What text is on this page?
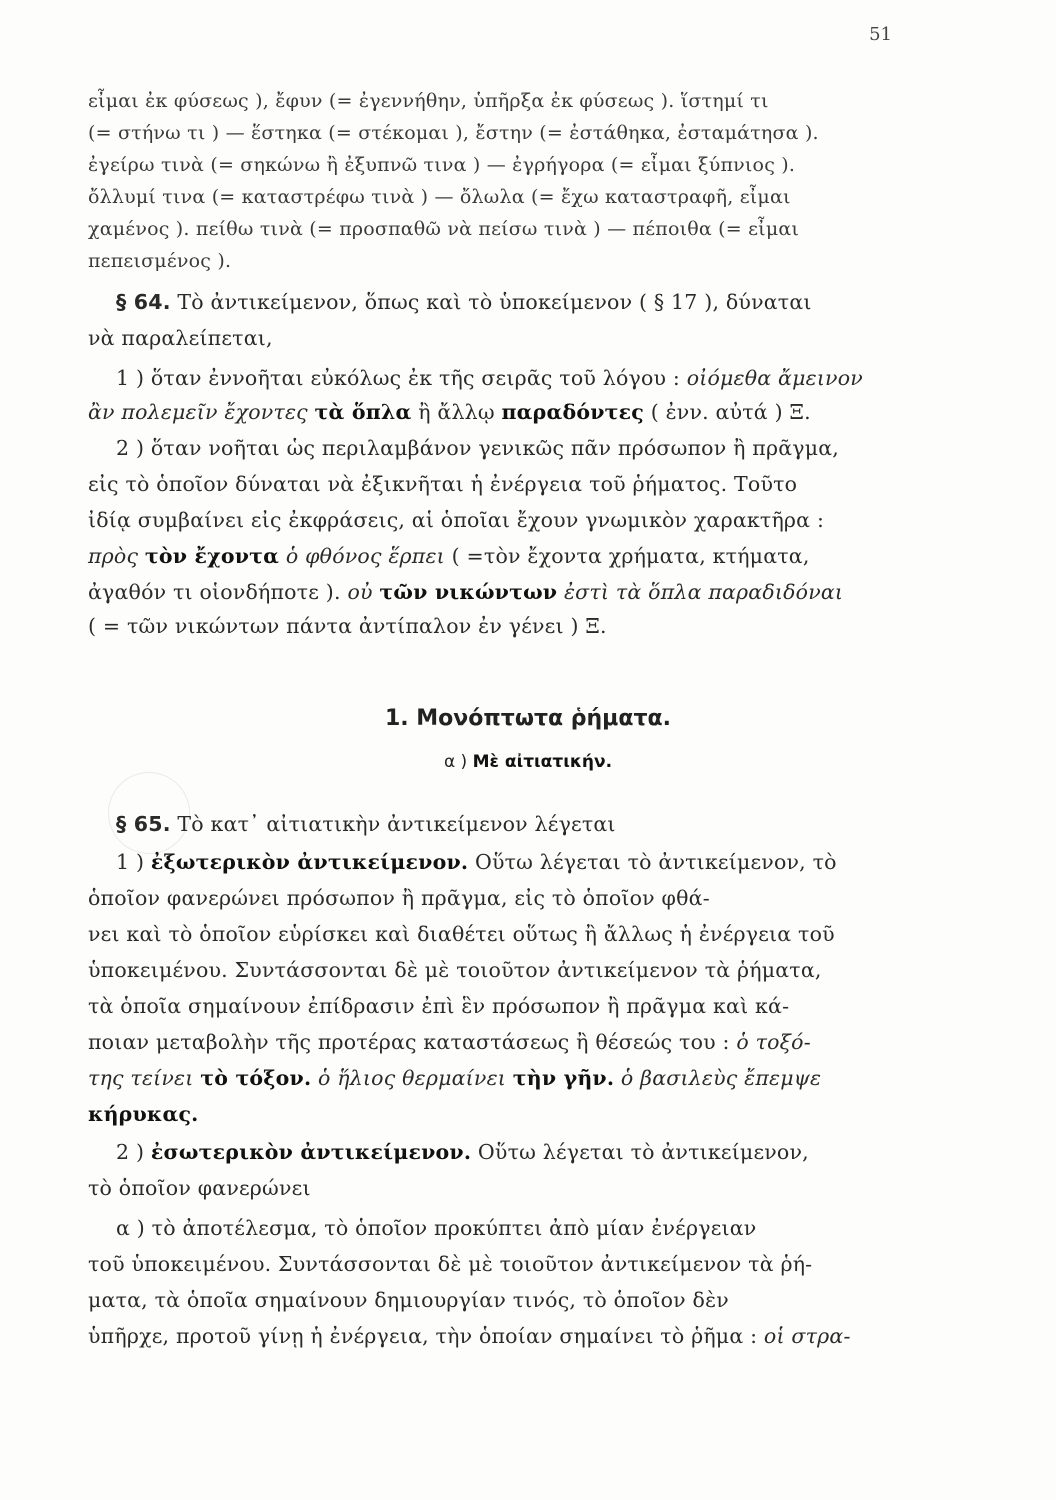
51
εἶμαι ἐκ φύσεως ), ἔφυν (= ἐγεννήθην, ὑπῆρξα ἐκ φύσεως ). ἵστημί τι
(= στήνω τι ) — ἕστηκα (= στέκομαι ), ἔστην (= ἐστάθηκα, ἐσταμάτησα ).
ἐγείρω τινὰ (= σηκώνω ἢ ἐξυπνῶ τινα ) — ἐγρήγορα (= εἶμαι ξύπνιος ).
ὄλλυμί τινα (= καταστρέφω τινὰ ) — ὄλωλα (= ἔχω καταστραφῆ, εἶμαι
χαμένος ). πείθω τινὰ (= προσπαθῶ νὰ πείσω τινὰ ) — πέποιθα (= εἶμαι
πεπεισμένος ).
§ 64. Τὸ ἀντικείμενον, ὅπως καὶ τὸ ὑποκείμενον ( § 17 ), δύναται
νὰ παραλείπεται,
1 ) ὅταν ἐννοῆται εὐκόλως ἐκ τῆς σειρᾶς τοῦ λόγου : οἰόμεθα ἄμεινον
ἂν πολεμεῖν ἔχοντες τὰ ὅπλα ἢ ἄλλῳ παραδόντες ( ἐνν. αὐτά ) Ξ.
2 ) ὅταν νοῆται ὡς περιλαμβάνον γενικῶς πᾶν πρόσωπον ἢ πρᾶγμα,
εἰς τὸ ὁποῖον δύναται νὰ ἐξικνῆται ἡ ἐνέργεια τοῦ ῥήματος. Τοῦτο
ἰδίᾳ συμβαίνει εἰς ἐκφράσεις, αἱ ὁποῖαι ἔχουν γνωμικὸν χαρακτῆρα :
πρὸς τὸν ἔχοντα ὁ φθόνος ἕρπει ( =τὸν ἔχοντα χρήματα, κτήματα,
ἀγαθόν τι οἱονδήποτε ). οὐ τῶν νικώντων ἐστὶ τὰ ὅπλα παραδιδόναι
( = τῶν νικώντων πάντα ἀντίπαλον ἐν γένει ) Ξ.
1. Μονόπτωτα ῥήματα.
α ) Μὲ αἰτιατικήν.
§ 65. Τὸ κατ᾽ αἰτιατικὴν ἀντικείμενον λέγεται
1 ) ἐξωτερικὸν ἀντικείμενον. Οὕτω λέγεται τὸ ἀντικείμενον, τὸ
ὁποῖον φανερώνει πρόσωπον ἢ πρᾶγμα, εἰς τὸ ὁποῖον φθά-
νει καὶ τὸ ὁποῖον εὑρίσκει καὶ διαθέτει οὕτως ἢ ἄλλως ἡ ἐνέργεια τοῦ
ὑποκειμένου. Συντάσσονται δὲ μὲ τοιοῦτον ἀντικείμενον τὰ ῥήματα,
τὰ ὁποῖα σημαίνουν ἐπίδρασιν ἐπὶ ἓν πρόσωπον ἢ πρᾶγμα καὶ κά-
ποιαν μεταβολὴν τῆς προτέρας καταστάσεως ἢ θέσεώς του : ὁ τοξό-
της τείνει τὸ τόξον. ὁ ἥλιος θερμαίνει τὴν γῆν. ὁ βασιλεὺς ἔπεμψε
κήρυκας.
2 ) ἐσωτερικὸν ἀντικείμενον. Οὕτω λέγεται τὸ ἀντικείμενον,
τὸ ὁποῖον φανερώνει
α ) τὸ ἀποτέλεσμα, τὸ ὁποῖον προκύπτει ἀπὸ μίαν ἐνέργειαν
τοῦ ὑποκειμένου. Συντάσσονται δὲ μὲ τοιοῦτον ἀντικείμενον τὰ ῥή-
ματα, τὰ ὁποῖα σημαίνουν δημιουργίαν τινός, τὸ ὁποῖον δὲν
ὑπῆρχε, προτοῦ γίνῃ ἡ ἐνέργεια, τὴν ὁποίαν σημαίνει τὸ ῥῆμα : οἱ στρα-
